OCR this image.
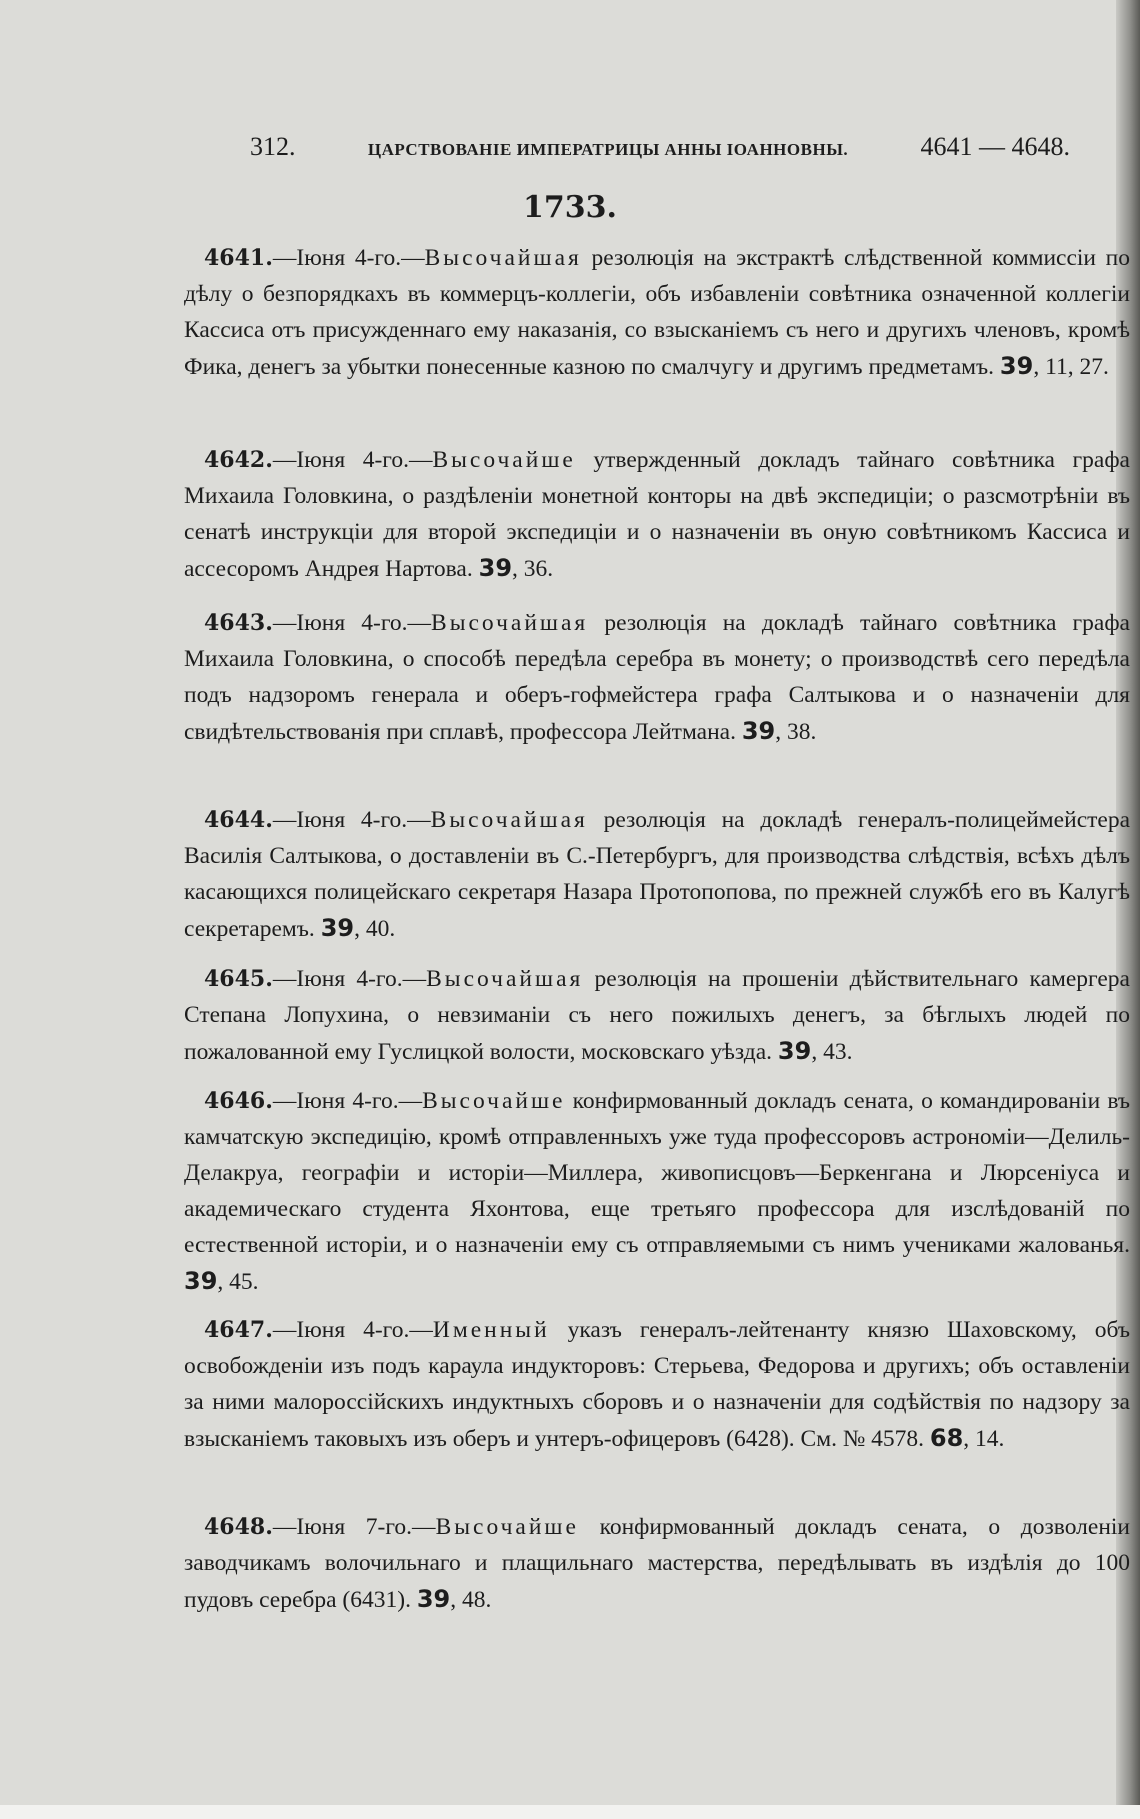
312.	ЦАРСТВОВАНІЕ ИМПЕРАТРИЦЫ АННЫ ІОАННОВНЫ.	4641 — 4648.
1733.
4641.—Іюня 4-го.—Высочайшая резолюція на экстрактѣ слѣдственной коммиссіи по дѣлу о безпорядкахъ въ коммерцъ-коллегіи, объ избавленіи совѣтника означенной коллегіи Кассиса отъ присужденнаго ему наказанія, со взысканіемъ съ него и другихъ членовъ, кромѣ Фика, денегъ за убытки понесенные казною по смалчугу и другимъ предметамъ. 39, 11, 27.
4642.—Іюня 4-го.—Высочайше утвержденный докладъ тайнаго совѣтника графа Михаила Головкина, о раздѣленіи монетной конторы на двѣ экспедиціи; о разсмотрѣніи въ сенатѣ инструкціи для второй экспедиціи и о назначеніи въ оную совѣтникомъ Кассиса и ассесоромъ Андрея Нартова. 39, 36.
4643.—Іюня 4-го.—Высочайшая резолюція на докладѣ тайнаго совѣтника графа Михаила Головкина, о способѣ передѣла серебра въ монету; о производствѣ сего передѣла подъ надзоромъ генерала и оберъ-гофмейстера графа Салтыкова и о назначеніи для свидѣтельствованія при сплавѣ, профессора Лейтмана. 39, 38.
4644.—Іюня 4-го.—Высочайшая резолюція на докладѣ генералъ-полицеймейстера Василія Салтыкова, о доставленіи въ С.-Петербургъ, для производства слѣдствія, всѣхъ дѣлъ касающихся полицейскаго секретаря Назара Протопопова, по прежней службѣ его въ Калугѣ секретаремъ. 39, 40.
4645.—Іюня 4-го.—Высочайшая резолюція на прошеніи дѣйствительнаго камергера Степана Лопухина, о невзиманіи съ него пожилыхъ денегъ, за бѣглыхъ людей по пожалованной ему Гуслицкой волости, московскаго уѣзда. 39, 43.
4646.—Іюня 4-го.—Высочайше конфирмованный докладъ сената, о командированіи въ камчатскую экспедицію, кромѣ отправленныхъ уже туда профессоровъ астрономіи—Делиль-Делакруа, географіи и исторіи—Миллера, живописцовъ—Беркенгана и Люрсеніуса и академическаго студента Яхонтова, еще третьяго профессора для изслѣдованій по естественной исторіи, и о назначеніи ему съ отправляемыми съ нимъ учениками жалованья. 39, 45.
4647.—Іюня 4-го.—Именный указъ генералъ-лейтенанту князю Шаховскому, объ освобожденіи изъ подъ караула индукторовъ: Стерьева, Федорова и другихъ; объ оставленіи за ними малороссійскихъ индуктныхъ сборовъ и о назначеніи для содѣйствія по надзору за взысканіемъ таковыхъ изъ оберъ и унтеръ-офицеровъ (6428). См. № 4578. 68, 14.
4648.—Іюня 7-го.—Высочайше конфирмованный докладъ сената, о дозволеніи заводчикамъ волочильнаго и плащильнаго мастерства, передѣлывать въ издѣлія до 100 пудовъ серебра (6431). 39, 48.
